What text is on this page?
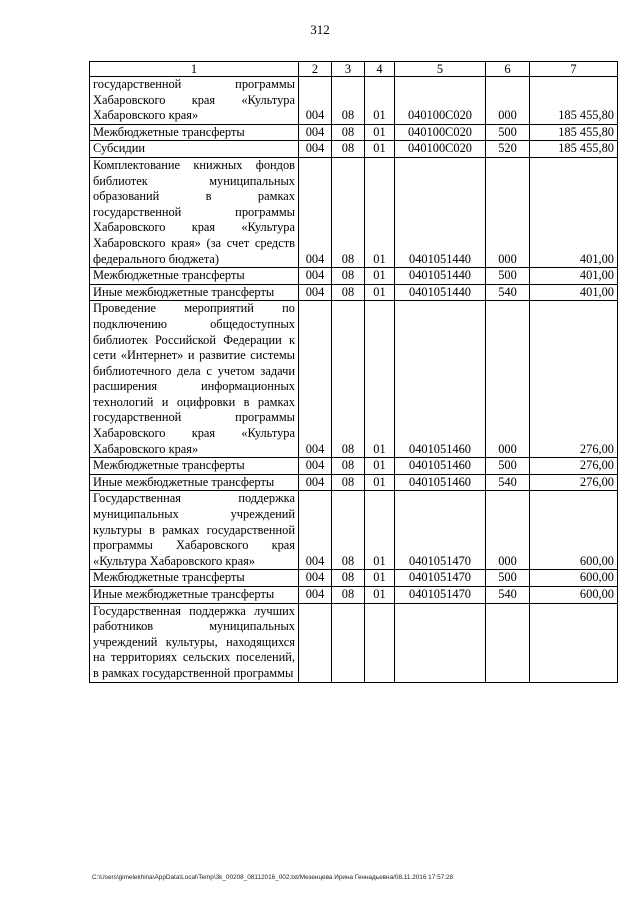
312
1	2	3	4	5	6	7
государственной программы Хабаровского края «Культура Хабаровского края»	004	08	01	040100С020	000	185 455,80
Межбюджетные трансферты	004	08	01	040100С020	500	185 455,80
Субсидии	004	08	01	040100С020	520	185 455,80
Комплектование книжных фондов библиотек муниципальных образований в рамках государственной программы Хабаровского края «Культура Хабаровского края» (за счет средств федерального бюджета)	004	08	01	0401051440	000	401,00
Межбюджетные трансферты	004	08	01	0401051440	500	401,00
Иные межбюджетные трансферты	004	08	01	0401051440	540	401,00
Проведение мероприятий по подключению общедоступных библиотек Российской Федерации к сети «Интернет» и развитие системы библиотечного дела с учетом задачи расширения информационных технологий и оцифровки в рамках государственной программы Хабаровского края «Культура Хабаровского края»	004	08	01	0401051460	000	276,00
Межбюджетные трансферты	004	08	01	0401051460	500	276,00
Иные межбюджетные трансферты	004	08	01	0401051460	540	276,00
Государственная поддержка муниципальных учреждений культуры в рамках государственной программы Хабаровского края «Культура Хабаровского края»	004	08	01	0401051470	000	600,00
Межбюджетные трансферты	004	08	01	0401051470	500	600,00
Иные межбюджетные трансферты	004	08	01	0401051470	540	600,00
Государственная поддержка лучших работников муниципальных учреждений культуры, находящихся на территориях сельских поселений, в рамках государственной программы						
C:\Users\gimelekhina\AppData\Local\Temp\3k_00208_08112016_002.txt/Мезенцева Ирина Геннадьевна/08.11.2016 17:57:28
